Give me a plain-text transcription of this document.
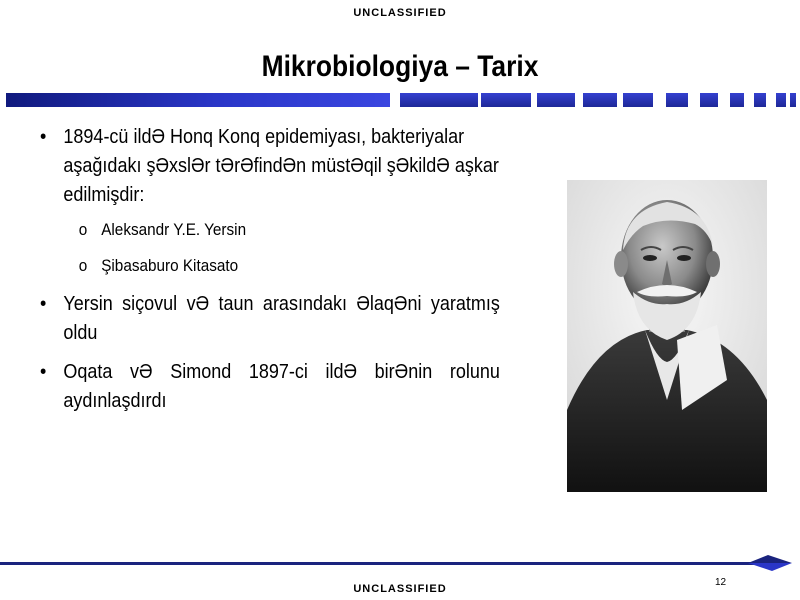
UNCLASSIFIED
Mikrobiologiya – Tarix
• 1894-cü ildƏ Honq Konq epidemiyası, bakteriyalar aşağıdakı şƏxslƏr tƏrƏfindƏn müstƏqil şƏkildƏ aşkar edilmişdir:
o Aleksandr Y.E. Yersin
o Şibasaburo Kitasato
• Yersin siçovul vƏ taun arasındakı ƏlaqƏni yaratmış oldu
• Oqata vƏ Simond 1897-ci ildƏ birƏnin rolunu aydınlaşdırdı
12
UNCLASSIFIED
